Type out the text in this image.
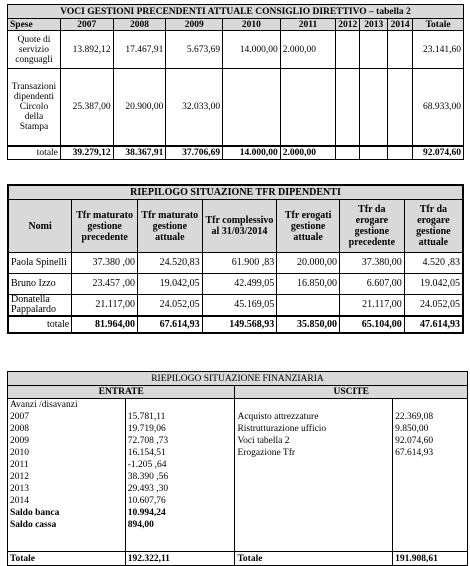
VOCI GESTIONI PRECENDENTI ATTUALE CONSIGLIO DIRETTIVO – tabella 2									
Spese	2007	2008	2009	2010	2011	2012	2013	2014	Totale
Quote di servizio conguagli	13.892,12	17.467,91	5.673,69	14.000,00	2.000,00				23.141,60
Transazioni dipendenti Circolo della Stampa	25.387,00	20.900,00	32.033,00						68.933,00
totale	39.279,12	38.367,91	37.706,69	14.000,00	2.000,00				92.074,60
RIEPILOGO SITUAZIONE TFR DIPENDENTI						
Nomi	Tfr maturato gestione precedente	Tfr maturato gestione attuale	Tfr complessivo al 31/03/2014	Tfr erogati gestione attuale	Tfr da erogare gestione precedente	Tfr da erogare gestione attuale
Paola Spinelli	37.380 ,00	24.520,83	61.900 ,83	20.000,00	37.380,00	4.520 ,83
Bruno Izzo	23.457 ,00	19.042,05	42.499,05	16.850,00	6.607,00	19.042,05
Donatella Pappalardo	21.117,00	24.052,05	45.169,05		21.117,00	24.052,05
totale	81.964,00	67.614,93	149.568,93	35.850,00	65.104,00	47.614,93
RIEPILOGO SITUAZIONE FINANZIARIA			
ENTRATE		USCITE	
Avanzi /disavanzi			
2007	15.781,11	Acquisto attrezzature	22.369,08
2008	19.719,06	Ristrutturazione ufficio	9.850,00
2009	72.708 ,73	Voci tabella 2	92.074,60
2010	16.154,51	Erogazione Tfr	67.614,93
2011	-1.205 ,64		
2012	38.390 ,56		
2013	29.493 ,30		
2014	10.607,76		
Saldo banca	10.994,24		
Saldo cassa	894,00		

Totale	192.322,11	Totale	191.908,61
